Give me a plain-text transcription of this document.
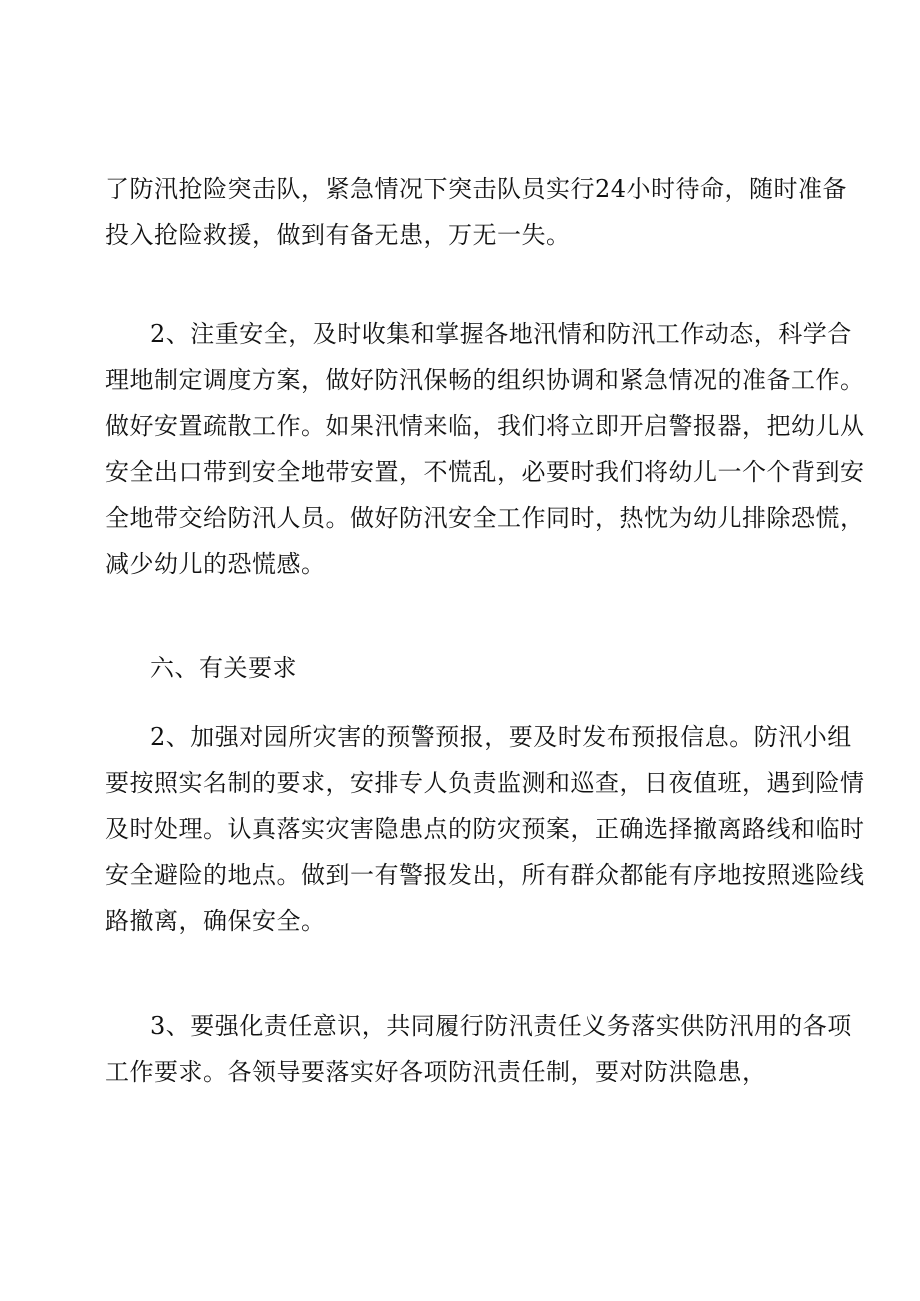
了防汛抢险突击队，紧急情况下突击队员实行24小时待命，随时准备
投入抢险救援，做到有备无患，万无一失。
2、注重安全，及时收集和掌握各地汛情和防汛工作动态，科学合
理地制定调度方案，做好防汛保畅的组织协调和紧急情况的准备工作。
做好安置疏散工作。如果汛情来临，我们将立即开启警报器，把幼儿从
安全出口带到安全地带安置，不慌乱，必要时我们将幼儿一个个背到安
全地带交给防汛人员。做好防汛安全工作同时，热忱为幼儿排除恐慌，
减少幼儿的恐慌感。
六、有关要求
2、加强对园所灾害的预警预报，要及时发布预报信息。防汛小组
要按照实名制的要求，安排专人负责监测和巡查，日夜值班，遇到险情
及时处理。认真落实灾害隐患点的防灾预案，正确选择撤离路线和临时
安全避险的地点。做到一有警报发出，所有群众都能有序地按照逃险线
路撤离，确保安全。
3、要强化责任意识，共同履行防汛责任义务落实供防汛用的各项
工作要求。各领导要落实好各项防汛责任制，要对防洪隐患，
